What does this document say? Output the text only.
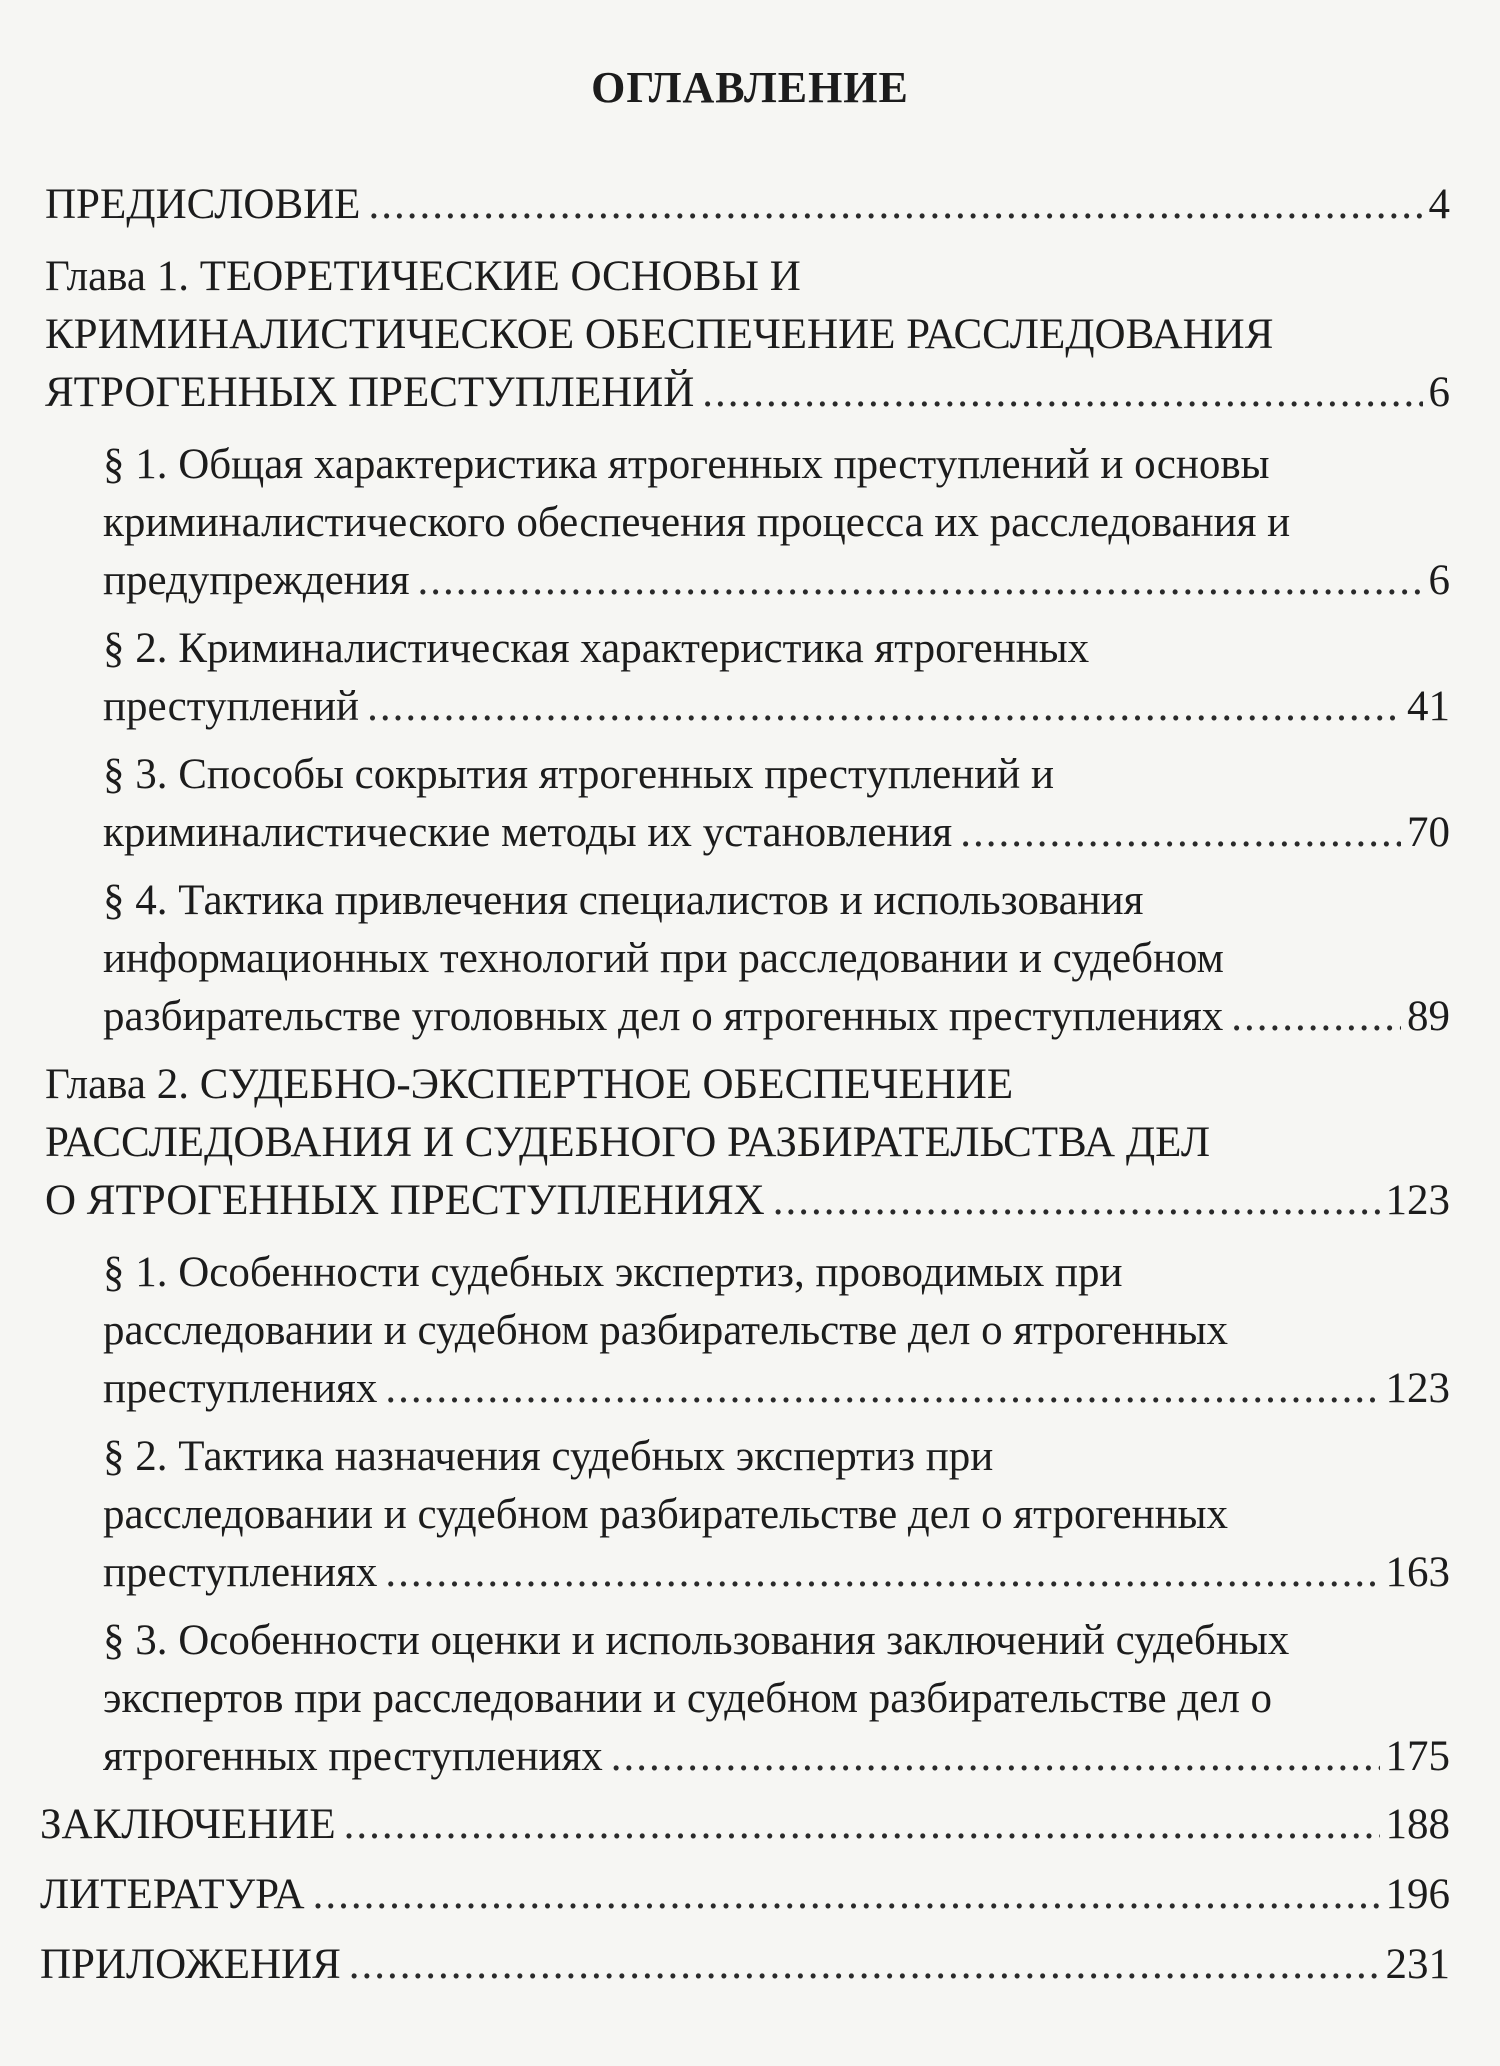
ОГЛАВЛЕНИЕ
ПРЕДИСЛОВИЕ .....	4
Глава 1. ТЕОРЕТИЧЕСКИЕ ОСНОВЫ И
КРИМИНАЛИСТИЧЕСКОЕ ОБЕСПЕЧЕНИЕ РАССЛЕДОВАНИЯ
ЯТРОГЕННЫХ ПРЕСТУПЛЕНИЙ .....	6
§ 1. Общая характеристика ятрогенных преступлений и основы
криминалистического обеспечения процесса их расследования и
предупреждения .....	6
§ 2. Криминалистическая характеристика ятрогенных
преступлений .....	41
§ 3. Способы сокрытия ятрогенных преступлений и
криминалистические методы их установления .....	70
§ 4. Тактика привлечения специалистов и использования
информационных технологий при расследовании и судебном
разбирательстве уголовных дел о ятрогенных преступлениях .....	89
Глава 2. СУДЕБНО-ЭКСПЕРТНОЕ ОБЕСПЕЧЕНИЕ
РАССЛЕДОВАНИЯ И СУДЕБНОГО РАЗБИРАТЕЛЬСТВА ДЕЛ
О ЯТРОГЕННЫХ ПРЕСТУПЛЕНИЯХ .....	123
§ 1. Особенности судебных экспертиз, проводимых при
расследовании и судебном разбирательстве дел о ятрогенных
преступлениях .....	123
§ 2. Тактика назначения судебных экспертиз при
расследовании и судебном разбирательстве дел о ятрогенных
преступлениях .....	163
§ 3. Особенности оценки и использования заключений судебных
экспертов при расследовании и судебном разбирательстве дел о
ятрогенных преступлениях .....	175
ЗАКЛЮЧЕНИЕ .....	188
ЛИТЕРАТУРА .....	196
ПРИЛОЖЕНИЯ .....	231
